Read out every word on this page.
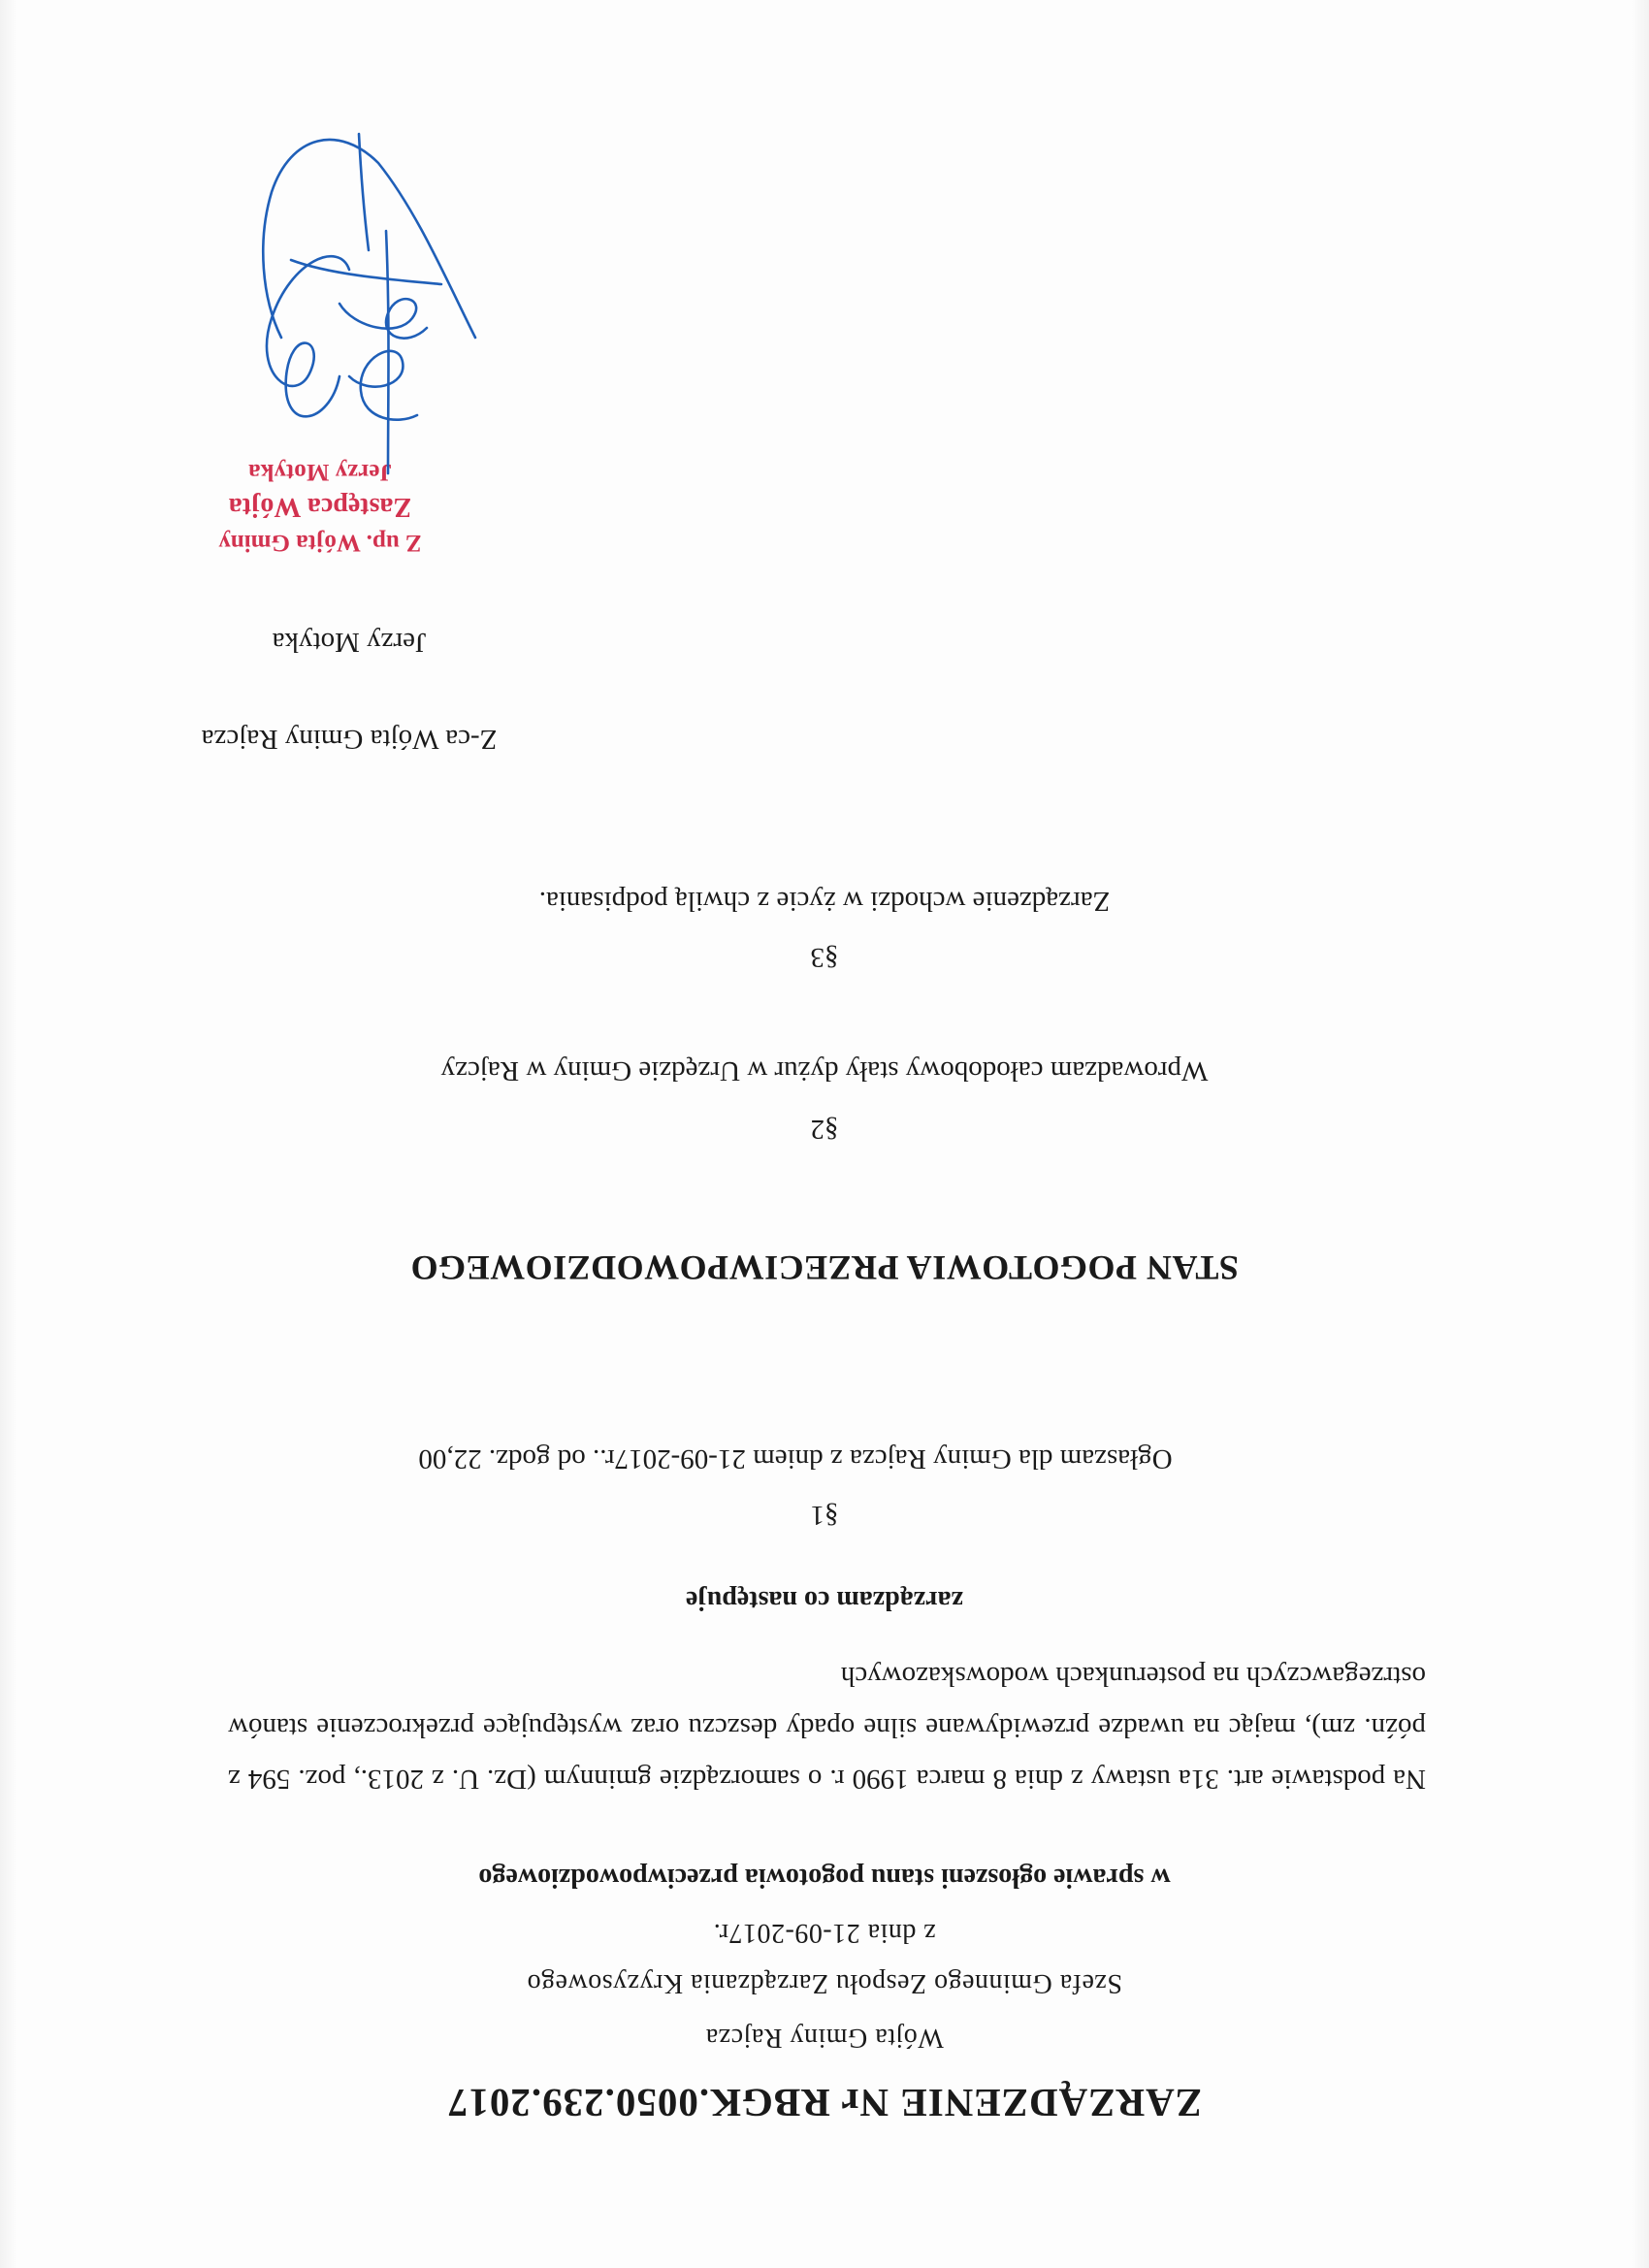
ZARZĄDZENIE Nr RBGK.0050.239.2017
Wójta Gminy Rajcza
Szefa Gminnego Zespołu Zarządzania Kryzysowego
z dnia 21-09-2017r.
w sprawie ogłoszeni stanu pogotowia przeciwpowodziowego
Na podstawie art. 31a ustawy z dnia 8 marca 1990 r. o samorządzie gminnym (Dz. U. z 2013., poz. 594 z późn. zm), mając na uwadze przewidywane silne opady deszczu oraz występujące przekroczenie stanów ostrzegawczych na posterunkach wodowskazowych
zarządzam co następuje
§1
Ogłaszam dla Gminy Rajcza z dniem 21-09-2017r.. od godz. 22,00
STAN POGOTOWIA PRZECIWPOWODZIOWEGO
§2
Wprowadzam całodobowy stały dyżur w Urzędzie Gminy w Rajczy
§3
Zarządzenie wchodzi w życie z chwilą podpisania.
Z-ca Wójta Gminy Rajcza
Jerzy Motyka
Z up. Wójta Gminy
Zastępca Wójta
Jerzy Motyka
